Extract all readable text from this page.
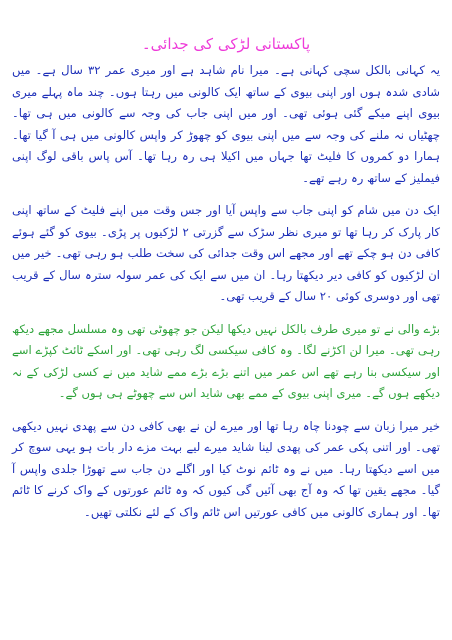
پاکستانی لڑکی کی جدائی۔

یہ کہانی بالکل سچی کہانی ہے۔ میرا نام شاہد ہے اور میری عمر ۳۲ سال ہے۔ میں شادی شدہ ہوں اور اپنی بیوی کے ساتھ ایک کالونی میں رہتا ہوں۔ چند ماہ پہلے میری بیوی اپنے میکے گئی ہوئی تھی۔ اور میں اپنی جاب کی وجہ سے کالونی میں ہی تھا۔ چھٹیاں نہ ملنے کی وجہ سے میں اپنی بیوی کو چھوڑ کر واپس کالونی میں ہی آ گیا تھا۔ ہمارا دو کمروں کا فلیٹ تھا جہاں میں اکیلا ہی رہ رہا تھا۔ آس پاس باقی لوگ اپنی فیملیز کے ساتھ رہ رہے تھے۔

ایک دن میں شام کو اپنی جاب سے واپس آیا اور جس وقت میں اپنے فلیٹ کے ساتھ اپنی کار پارک کر رہا تھا تو میری نظر سڑک سے گزرتی ۲ لڑکیوں پر پڑی۔ بیوی کو گئے ہوئے کافی دن ہو چکے تھے اور مجھے اس وقت جدائی کی سخت طلب ہو رہی تھی۔ خیر میں ان لڑکیوں کو کافی دیر دیکھتا رہا۔ ان میں سے ایک کی عمر سولہ سترہ سال کے قریب تھی اور دوسری کوئی ۲۰ سال کے قریب تھی۔

بڑے والی نے تو میری طرف بالکل نہیں دیکھا لیکن جو چھوٹی تھی وہ مسلسل مجھے دیکھ رہی تھی۔ میرا لن اکڑنے لگا۔ وہ کافی سیکسی لگ رہی تھی۔ اور اسکے ٹائٹ کپڑے اسے اور سیکسی بنا رہے تھے اس عمر میں اتنے بڑے بڑے ممے شاید میں نے کسی لڑکی کے نہ دیکھے ہوں گے۔ میری اپنی بیوی کے ممے بھی شاید اس سے چھوٹے ہی ہوں گے۔

خیر میرا زبان سے چودنا چاہ رہا تھا اور میرے لن نے بھی کافی دن سے پھدی نہیں دیکھی تھی۔ اور اتنی پکی عمر کی پھدی لینا شاید میرے لیے بہت مزے دار بات ہو یہی سوچ کر میں اسے دیکھتا رہا۔ میں نے وہ ٹائم نوٹ کیا اور اگلے دن جاب سے تھوڑا جلدی واپس آ گیا۔ مجھے یقین تھا کہ وہ آج بھی آئیں گی کیوں کہ وہ ٹائم عورتوں کے واک کرنے کا ٹائم تھا۔ اور ہماری کالونی میں کافی عورتیں اس ٹائم واک کے لئے نکلتی تھیں۔
